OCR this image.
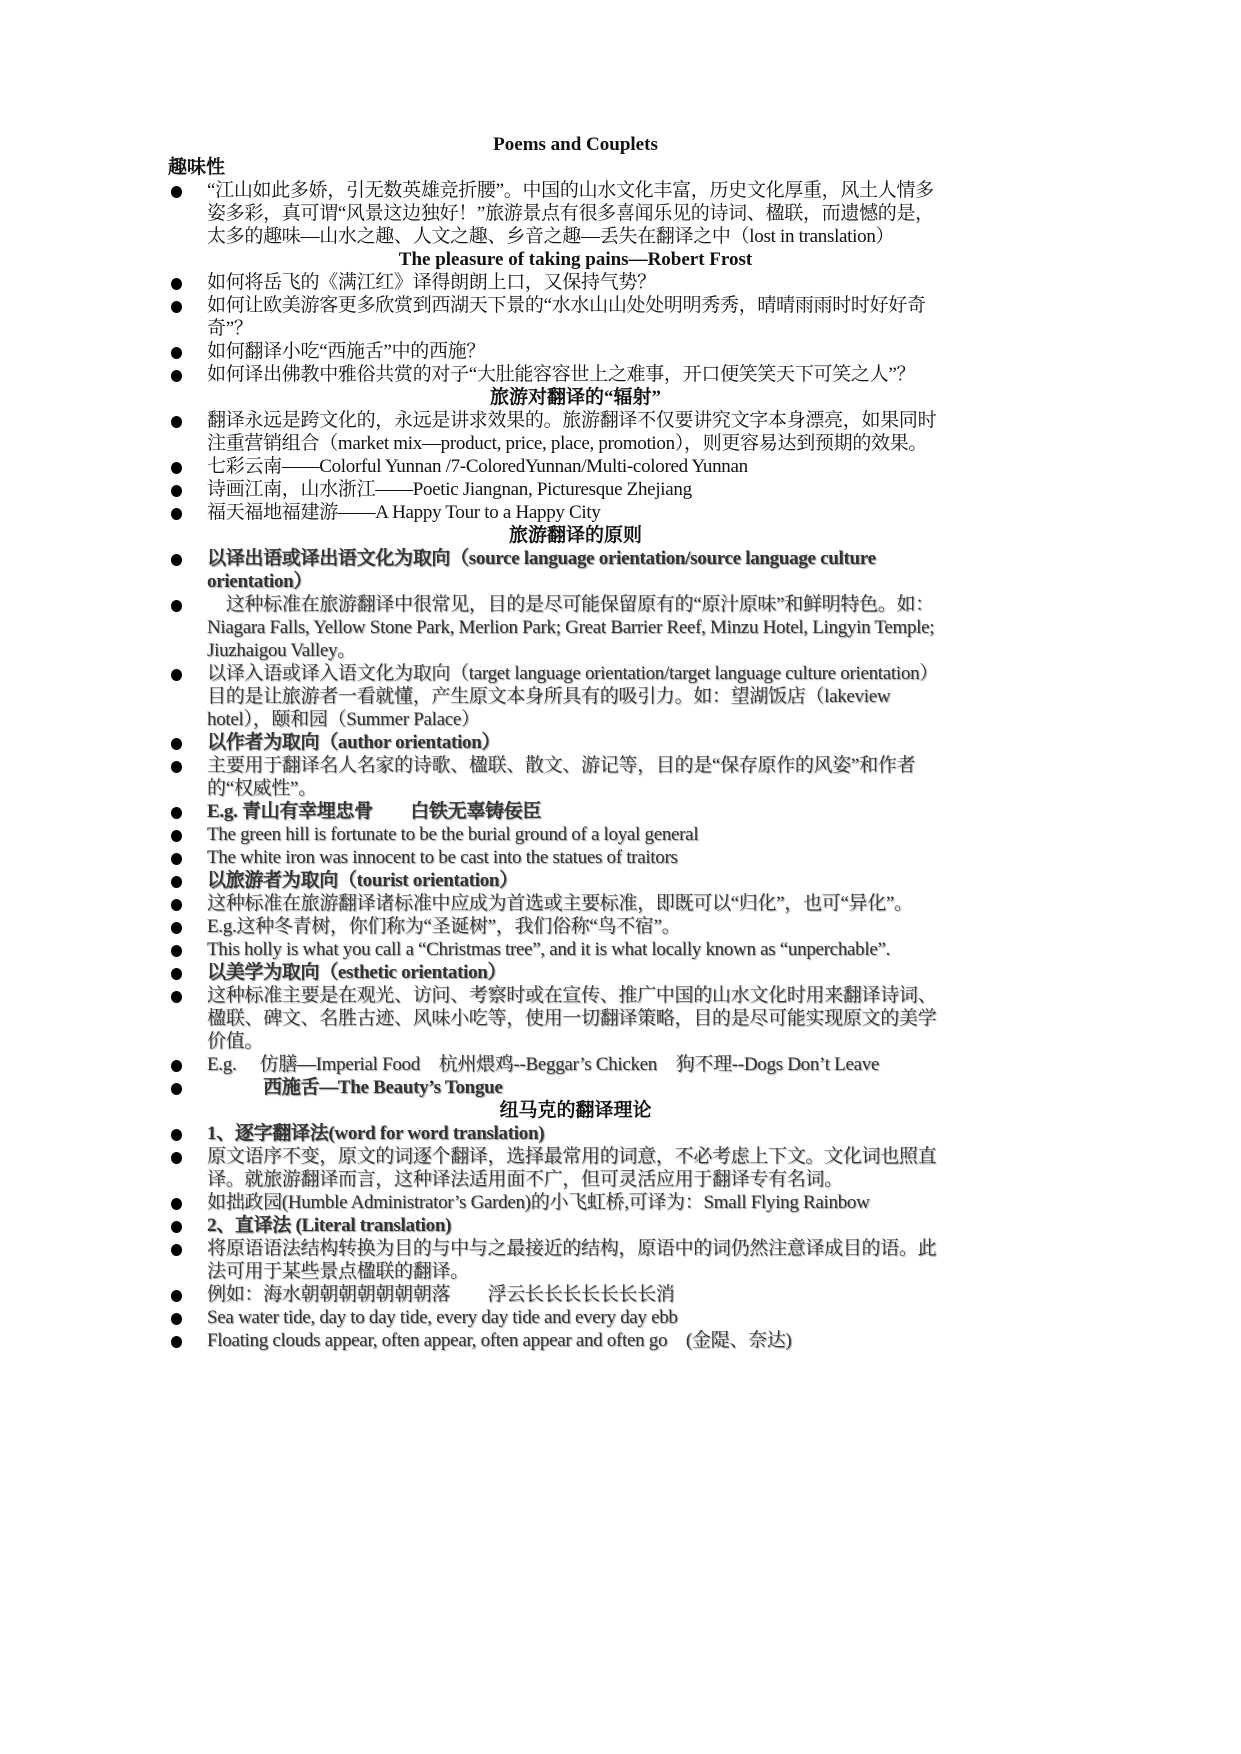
Poems and Couplets
趣味性
“江山如此多娇，引无数英雄竞折腰”。中国的山水文化丰富，历史文化厚重，风土人情多姿多彩，真可谓“风景这边独好！”旅游景点有很多喜闻乐见的诗词、楹联，而遗憾的是，太多的趣味—山水之趣、人文之趣、乡音之趣—丢失在翻译之中（lost in translation）
The pleasure of taking pains—Robert Frost
如何将岳飞的《满江红》译得朗朗上口，又保持气势？
如何让欧美游客更多欣赏到西湖天下景的“水水山山处处明明秀秀，晴晴雨雨时时好好奇奇”？
如何翻译小吃“西施舌”中的西施？
如何译出佛教中雅俗共赏的对子“大肚能容容世上之难事，开口便笑笑天下可笑之人”？
旅游对翻译的“辐射”
翻译永远是跨文化的，永远是讲求效果的。旅游翻译不仅要讲究文字本身漂亮，如果同时注重营销组合（market mix—product, price, place, promotion），则更容易达到预期的效果。
七彩云南——Colorful Yunnan /7-ColoredYunnan/Multi-colored Yunnan
诗画江南，山水浙江——Poetic Jiangnan, Picturesque Zhejiang
福天福地福建游——A Happy Tour to a Happy City
旅游翻译的原则
以译出语或译出语文化为取向（source language orientation/source language culture orientation）
　这种标准在旅游翻译中很常见，目的是尽可能保留原有的“原汁原味”和鲜明特色。如：Niagara Falls, Yellow Stone Park, Merlion Park; Great Barrier Reef, Minzu Hotel, Lingyin Temple; Jiuzhaigou Valley。
以译入语或译入语文化为取向（target language orientation/target language culture orientation）目的是让旅游者一看就懂，产生原文本身所具有的吸引力。如：望湖饭店（lakeview hotel），颐和园（Summer Palace）
以作者为取向（author orientation）
主要用于翻译名人名家的诗歌、楹联、散文、游记等，目的是“保存原作的风姿”和作者的“权威性”。
E.g. 青山有幸埋忠骨　　白铁无辜铸佞臣
The green hill is fortunate to be the burial ground of a loyal general
The white iron was innocent to be cast into the statues of traitors
以旅游者为取向（tourist orientation）
这种标准在旅游翻译诸标准中应成为首选或主要标准，即既可以“归化”，也可“异化”。
E.g.这种冬青树，你们称为“圣诞树”，我们俗称“鸟不宿”。
This holly is what you call a “Christmas tree”, and it is what locally known as “unperchable”.
以美学为取向（esthetic orientation）
这种标准主要是在观光、访问、考察时或在宣传、推广中国的山水文化时用来翻译诗词、楹联、碑文、名胜古迹、风味小吃等，使用一切翻译策略，目的是尽可能实现原文的美学价值。
E.g.　 仿膳—Imperial Food　杭州煨鸡--Beggar’s Chicken　狗不理--Dogs Don’t Leave
　　　西施舌—The Beauty’s Tongue
纽马克的翻译理论
1、逐字翻译法(word for word translation)
原文语序不变，原文的词逐个翻译，选择最常用的词意，不必考虑上下文。文化词也照直译。就旅游翻译而言，这种译法适用面不广，但可灵活应用于翻译专有名词。
如拙政园(Humble Administrator’s Garden)的小飞虹桥,可译为：Small Flying Rainbow
2、直译法 (Literal translation)
将原语语法结构转换为目的与中与之最接近的结构，原语中的词仍然注意译成目的语。此法可用于某些景点楹联的翻译。
例如：海水朝朝朝朝朝朝朝落　　浮云长长长长长长长消
Sea water tide, day to day tide, every day tide and every day ebb
Floating clouds appear, often appear, often appear and often go　(金隄、奈达)
